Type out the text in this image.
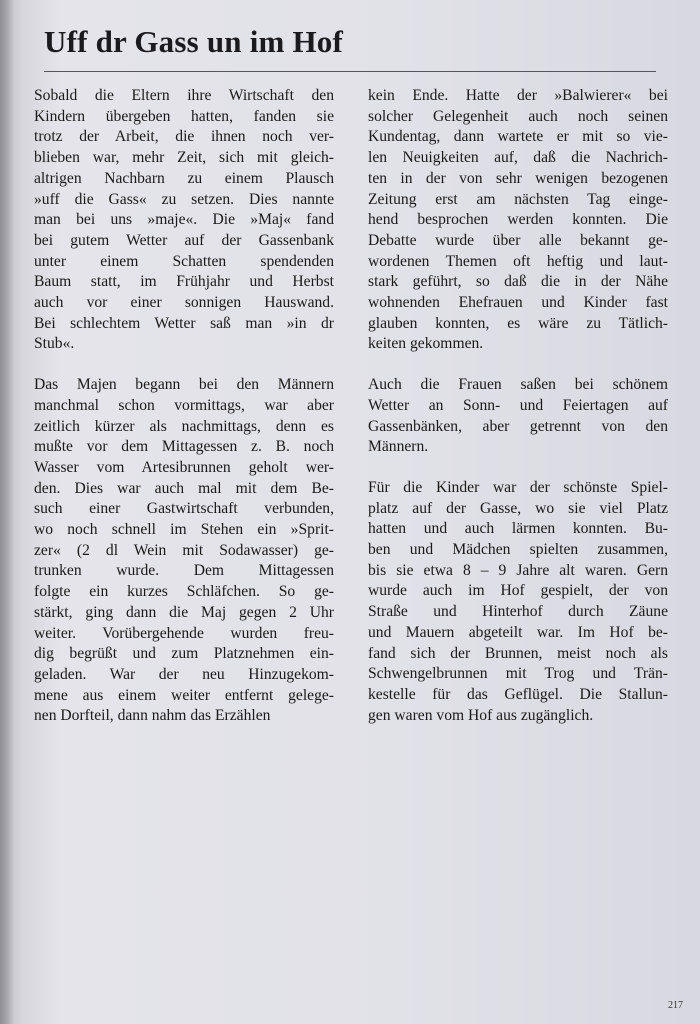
Uff dr Gass un im Hof
Sobald die Eltern ihre Wirtschaft den
Kindern übergeben hatten, fanden sie
trotz der Arbeit, die ihnen noch ver-
blieben war, mehr Zeit, sich mit gleich-
altrigen Nachbarn zu einem Plausch
»uff die Gass« zu setzen. Dies nannte
man bei uns »maje«. Die »Maj« fand
bei gutem Wetter auf der Gassenbank
unter einem Schatten spendenden
Baum statt, im Frühjahr und Herbst
auch vor einer sonnigen Hauswand.
Bei schlechtem Wetter saß man »in dr
Stub«.
Das Majen begann bei den Männern
manchmal schon vormittags, war aber
zeitlich kürzer als nachmittags, denn es
mußte vor dem Mittagessen z. B. noch
Wasser vom Artesibrunnen geholt wer-
den. Dies war auch mal mit dem Be-
such einer Gastwirtschaft verbunden,
wo noch schnell im Stehen ein »Sprit-
zer« (2 dl Wein mit Sodawasser) ge-
trunken wurde. Dem Mittagessen
folgte ein kurzes Schläfchen. So ge-
stärkt, ging dann die Maj gegen 2 Uhr
weiter. Vorübergehende wurden freu-
dig begrüßt und zum Platznehmen ein-
geladen. War der neu Hinzugekom-
mene aus einem weiter entfernt gelege-
nen Dorfteil, dann nahm das Erzählen
kein Ende. Hatte der »Balwierer« bei
solcher Gelegenheit auch noch seinen
Kundentag, dann wartete er mit so vie-
len Neuigkeiten auf, daß die Nachrich-
ten in der von sehr wenigen bezogenen
Zeitung erst am nächsten Tag einge-
hend besprochen werden konnten. Die
Debatte wurde über alle bekannt ge-
wordenen Themen oft heftig und laut-
stark geführt, so daß die in der Nähe
wohnenden Ehefrauen und Kinder fast
glauben konnten, es wäre zu Tätlich-
keiten gekommen.
Auch die Frauen saßen bei schönem
Wetter an Sonn- und Feiertagen auf
Gassenbänken, aber getrennt von den
Männern.
Für die Kinder war der schönste Spiel-
platz auf der Gasse, wo sie viel Platz
hatten und auch lärmen konnten. Bu-
ben und Mädchen spielten zusammen,
bis sie etwa 8 – 9 Jahre alt waren. Gern
wurde auch im Hof gespielt, der von
Straße und Hinterhof durch Zäune
und Mauern abgeteilt war. Im Hof be-
fand sich der Brunnen, meist noch als
Schwengelbrunnen mit Trog und Trän-
kestelle für das Geflügel. Die Stallun-
gen waren vom Hof aus zugänglich.
217
